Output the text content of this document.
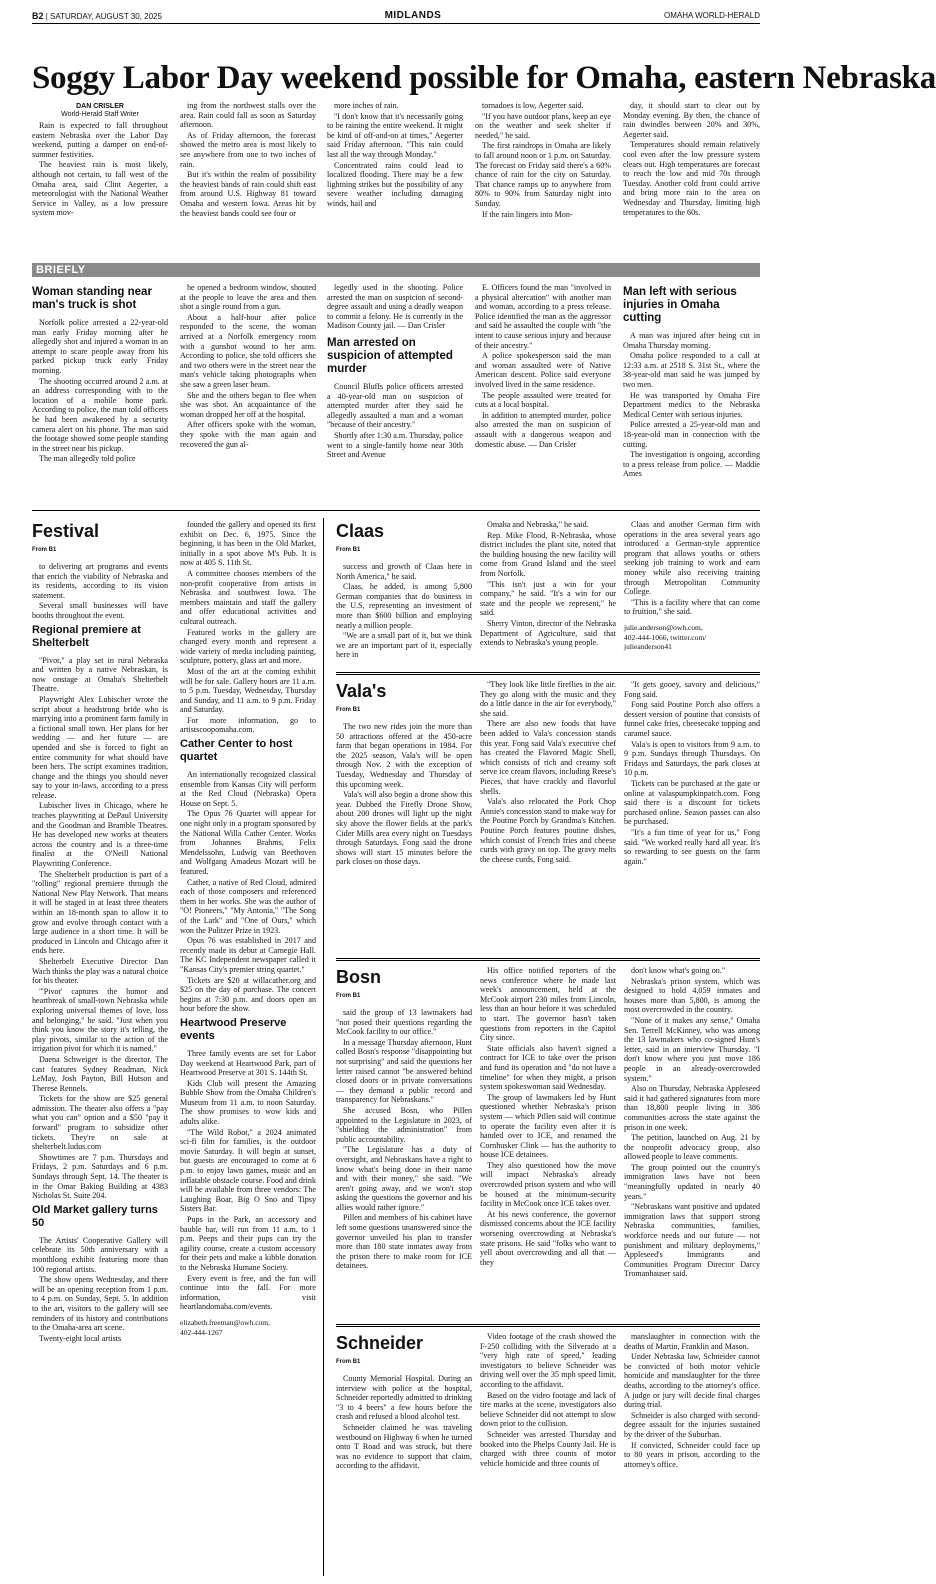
B2 | SATURDAY, AUGUST 30, 2025	MIDLANDS	OMAHA WORLD-HERALD
Soggy Labor Day weekend possible for Omaha, eastern Nebraska
DAN CRISLER
World-Herald Staff Writer

Rain is expected to fall throughout eastern Nebraska over the Labor Day weekend, putting a damper on end-of-summer festivities.

The heaviest rain is most likely, although not certain, to fall west of the Omaha area, said Clint Aegerter, a meteorologist with the National Weather Service in Valley, as a low pressure system mov-

ing from the northwest stalls over the area. Rain could fall as soon as Saturday afternoon.

As of Friday afternoon, the forecast showed the metro area is most likely to see anywhere from one to two inches of rain.

But it's within the realm of possibility the heaviest bands of rain could shift east from around U.S. Highway 81 toward Omaha and western Iowa. Areas hit by the heaviest bands could see four or

more inches of rain.

"I don't know that it's necessarily going to be raining the entire weekend. It might be kind of off-and-on at times," Aegerter said Friday afternoon. "This rain could last all the way through Monday."

Concentrated rains could lead to localized flooding. There may be a few lightning strikes but the possibility of any severe weather including damaging winds, hail and

tornadoes is low, Aegerter said.

"If you have outdoor plans, keep an eye on the weather and seek shelter if needed," he said.

The first raindrops in Omaha are likely to fall around noon or 1 p.m. on Saturday. The forecast on Friday said there's a 60% chance of rain for the city on Saturday. That chance ramps up to anywhere from 80% to 90% from Saturday night into Sunday.

If the rain lingers into Mon-

day, it should start to clear out by Monday evening. By then, the chance of rain dwindles between 20% and 30%, Aegerter said.

Temperatures should remain relatively cool even after the low pressure system clears out. High temperatures are forecast to reach the low and mid 70s through Tuesday. Another cold front could arrive and bring more rain to the area on Wednesday and Thursday, limiting high temperatures to the 60s.

BRIEFLY
Woman standing near man's truck is shot

Norfolk police arrested a 22-year-old man early Friday morning after he allegedly shot and injured a woman in an attempt to scare people away from his parked pickup truck early Friday morning.

The shooting occurred around 2 a.m. at an address corresponding with to the location of a mobile home park. According to police, the man told officers he had been awakened by a security camera alert on his phone. The man said the footage showed some people standing in the street near his pickup.

The man allegedly told police

he opened a bedroom window, shouted at the people to leave the area and then shot a single round from a gun.

About a half-hour after police responded to the scene, the woman arrived at a Norfolk emergency room with a gunshot wound to her arm. According to police, she told officers she and two others were in the street near the man's vehicle taking photographs when she saw a green laser beam.

She and the others began to flee when she was shot. An acquaintance of the woman dropped her off at the hospital.

After officers spoke with the woman, they spoke with the man again and recovered the gun al-

legedly used in the shooting. Police arrested the man on suspicion of second-degree assault and using a deadly weapon to commit a felony. He is currently in the Madison County jail. — Dan Crisler

Man arrested on suspicion of attempted murder

Council Bluffs police officers arrested a 40-year-old man on suspicion of attempted murder after they said he allegedly assaulted a man and a woman "because of their ancestry."

Shortly after 1:30 a.m. Thursday, police went to a single-family home near 30th Street and Avenue

E. Officers found the man "involved in a physical altercation" with another man and woman, according to a press release. Police identified the man as the aggressor and said he assaulted the couple with "the intent to cause serious injury and because of their ancestry."

A police spokesperson said the man and woman assaulted were of Native American descent. Police said everyone involved lived in the same residence.

The people assaulted were treated for cuts at a local hospital.

In addition to attempted murder, police also arrested the man on suspicion of assault with a dangerous weapon and domestic abuse. — Dan Crisler

Man left with serious injuries in Omaha cutting

A man was injured after being cut in Omaha Thursday morning.

Omaha police responded to a call at 12:33 a.m. at 2518 S. 31st St., where the 38-year-old man said he was jumped by two men.

He was transported by Omaha Fire Department medics to the Nebraska Medical Center with serious injuries.

Police arrested a 25-year-old man and 18-year-old man in connection with the cutting.

The investigation is ongoing, according to a press release from police. — Maddie Ames

Festival
From B1

to delivering art programs and events that enrich the viability of Nebraska and its residents, according to its vision statement.

Several small businesses will have booths throughout the event.

Regional premiere at Shelterbelt

"Pivot," a play set in rural Nebraska and written by a native Nebraskan, is now onstage at Omaha's Shelterbelt Theatre.

Playwright Alex Lubischer wrote the script about a headstrong bride who is marrying into a prominent farm family in a fictional small town. Her plans for her wedding — and her future — are upended and she is forced to fight an entire community for what should have been hers. The script examines tradition, change and the things you should never say to your in-laws, according to a press release.

Lubischer lives in Chicago, where he teaches playwriting at DePaul University and the Goodman and Bramble Theatres. He has developed new works at theaters across the country and is a three-time finalist at the O'Neill National Playwriting Conference.

The Shelterbelt production is part of a "rolling" regional premiere through the National New Play Network. That means it will be staged in at least three theaters within an 18-month span to allow it to grow and evolve through contact with a large audience in a short time. It will be produced in Lincoln and Chicago after it ends here.

Shelterbelt Executive Director Dan Wach thinks the play was a natural choice for his theater.

"'Pivot' captures the humor and heartbreak of small-town Nebraska while exploring universal themes of love, loss and belonging," he said. "Just when you think you know the story it's telling, the play pivots, similar to the action of the irrigation pivot for which it is named."

Daena Schweiger is the director. The cast features Sydney Readman, Nick LeMay, Josh Payton, Bill Hutson and Therese Rennels.

Tickets for the show are $25 general admission. The theater also offers a "pay what you can" option and a $50 "pay it forward" program to subsidize other tickets. They're on sale at shelterbelt.ludus.com

Showtimes are 7 p.m. Thursdays and Fridays, 2 p.m. Saturdays and 6 p.m. Sundays through Sept. 14. The theater is in the Omar Baking Building at 4383 Nicholas St. Suite 204.

Old Market gallery turns 50

The Artists' Cooperative Gallery will celebrate its 50th anniversary with a monthlong exhibit featuring more than 100 regional artists.

The show opens Wednesday, and there will be an opening reception from 1 p.m. to 4 p.m. on Sunday, Sept. 5. In addition to the art, visitors to the gallery will see reminders of its history and contributions to the Omaha-area art scene.

Twenty-eight local artists

founded the gallery and opened its first exhibit on Dec. 6, 1975. Since the beginning, it has been in the Old Market, initially in a spot above M's Pub. It is now at 405 S. 11th St.

A committee chooses members of the non-profit cooperative from artists in Nebraska and southwest Iowa. The members maintain and staff the gallery and offer educational activities and cultural outreach.

Featured works in the gallery are changed every month and represent a wide variety of media including painting, sculpture, pottery, glass art and more.

Most of the art at the coming exhibit will be for sale. Gallery hours are 11 a.m. to 5 p.m. Tuesday, Wednesday, Thursday and Sunday, and 11 a.m. to 9 p.m. Friday and Saturday.

For more information, go to artistscoopomaha.com.

Cather Center to host quartet

An internationally recognized classical ensemble from Kansas City will perform at the Red Cloud (Nebraska) Opera House on Sept. 5.

The Opus 76 Quartet will appear for one night only in a program sponsored by the National Willa Cather Center. Works from Johannes Brahms, Felix Mendelssohn, Ludwig van Beethoven and Wolfgang Amadeus Mozart will be featured.

Cather, a native of Red Cloud, admired each of those composers and referenced them in her works. She was the author of "O! Pioneers," "My Antonia," "The Song of the Lark" and "One of Ours," which won the Pulitzer Prize in 1923.

Opus 76 was established in 2017 and recently made its debut at Carnegie Hall. The KC Independent newspaper called it "Kansas City's premier string quartet."

Tickets are $20 at willacather.org and $25 on the day of purchase. The concert begins at 7:30 p.m. and doors open an hour before the show.

Heartwood Preserve events

Three family events are set for Labor Day weekend at Heartwood Park, part of Heartwood Preserve at 301 S. 144th St.

Kids Club will present the Amazing Bubble Show from the Omaha Children's Museum from 11 a.m. to noon Saturday. The show promises to wow kids and adults alike.

"The Wild Robot," a 2024 animated sci-fi film for families, is the outdoor movie Saturday. It will begin at sunset, but guests are encouraged to come at 6 p.m. to enjoy lawn games, music and an inflatable obstacle course. Food and drink will be available from three vendors: The Laughing Boar, Big O Sno and Tipsy Sisters Bar.

Pups in the Park, an accessory and bauble bar, will run from 11 a.m. to 1 p.m. Peeps and their pups can try the agility course, create a custom accessory for their pets and make a kibble donation to the Nebraska Humane Society.

Every event is free, and the fun will continue into the fall. For more information, visit heartlandomaha.com/events.

elizabeth.freeman@owh.com,
402-444-1267
Claas
From B1

success and growth of Claas here in North America," he said.

Claas, he added, is among 5,800 German companies that do business in the U.S, representing an investment of more than $600 billion and employing nearly a million people.

"We are a small part of it, but we think we are an important part of it, especially here in

Omaha and Nebraska," he said.

Rep. Mike Flood, R-Nebraska, whose district includes the plant site, noted that the building housing the new facility will come from Grand Island and the steel from Norfolk.

"This isn't just a win for your company," he said. "It's a win for our state and the people we represent," he said.

Sherry Vinton, director of the Nebraska Department of Agriculture, said that extends to Nebraska's young people.

Claas and another German firm with operations in the area several years ago introduced a German-style apprentice program that allows youths or others seeking job training to work and earn money while also receiving training through Metropolitan Community College.

"This is a facility where that can come to fruition," she said.

julie.anderson@owh.com,
402-444-1066, twitter.com/
julieanderson41
Vala's
From B1

The two new rides join the more than 50 attractions offered at the 450-acre farm that began operations in 1984. For the 2025 season, Vala's will be open through Nov. 2 with the exception of Tuesday, Wednesday and Thursday of this upcoming week.

Vala's will also begin a drone show this year. Dubbed the Firefly Drone Show, about 200 drones will light up the night sky above the flower fields at the park's Cider Mills area every night on Tuesdays through Saturdays. Fong said the drone shows will start 15 minutes before the park closes on those days.

"They look like little fireflies in the air. They go along with the music and they do a little dance in the air for everybody," she said.

There are also new foods that have been added to Vala's concession stands this year. Fong said Vala's executive chef has created the Flavored Magic Shell, which consists of rich and creamy soft serve ice cream flavors, including Reese's Pieces, that have crackly and flavorful shells.

Vala's also relocated the Pork Chop Annie's concession stand to make way for the Poutine Porch by Grandma's Kitchen. Poutine Porch features poutine dishes, which consist of French fries and cheese curds with gravy on top. The gravy melts the cheese curds, Fong said.

"It gets gooey, savory and delicious," Fong said.

Fong said Poutine Porch also offers a dessert version of poutine that consists of funnel cake fries, cheesecake topping and caramel sauce.

Vala's is open to visitors from 9 a.m. to 9 p.m. Sundays through Thursdays. On Fridays and Saturdays, the park closes at 10 p.m.

Tickets can be purchased at the gate or online at valaspumpkinpatch.com. Fong said there is a discount for tickets purchased online. Season passes can also be purchased.

"It's a fun time of year for us," Fong said. "We worked really hard all year. It's so rewarding to see guests on the farm again."

Bosn
From B1

said the group of 13 lawmakers had "not posed their questions regarding the McCook facility to our office."

In a message Thursday afternoon, Hunt called Bosn's response "disappointing but not surprising" and said the questions her letter raised cannot "be answered behind closed doors or in private conversations — they demand a public record and transparency for Nebraskans."

She accused Bosn, who Pillen appointed to the Legislature in 2023, of "shielding the administration" from public accountability.

"The Legislature has a duty of oversight, and Nebraskans have a right to know what's being done in their name and with their money," she said. "We aren't going away, and we won't stop asking the questions the governor and his allies would rather ignore."

Pillen and members of his cabinet have left some questions unanswered since the governor unveiled his plan to transfer more than 180 state inmates away from the prison there to make room for ICE detainees.

His office notified reporters of the news conference where he made last week's announcement, held at the McCook airport 230 miles from Lincoln, less than an hour before it was scheduled to start. The governor hasn't taken questions from reporters in the Capitol City since.

State officials also haven't signed a contract for ICE to take over the prison and fund its operation and "do not have a timeline" for when they might, a prison system spokeswoman said Wednesday.

The group of lawmakers led by Hunt questioned whether Nebraska's prison system — which Pillen said will continue to operate the facility even after it is handed over to ICE, and renamed the Cornhusker Clink — has the authority to house ICE detainees.

They also questioned how the move will impact Nebraska's already overcrowded prison system and who will be housed at the minimum-security facility in McCook once ICE takes over.

At his news conference, the governor dismissed concerns about the ICE facility worsening overcrowding at Nebraska's state prisons. He said "folks who want to yell about overcrowding and all that — they

don't know what's going on."

Nebraska's prison system, which was designed to hold 4,059 inmates and houses more than 5,800, is among the most overcrowded in the country.

"None of it makes any sense," Omaha Sen. Terrell McKinney, who was among the 13 lawmakers who co-signed Hunt's letter, said in an interview Thursday. "I don't know where you just move 186 people in an already-overcrowded system."

Also on Thursday, Nebraska Appleseed said it had gathered signatures from more than 18,800 people living in 386 communities across the state against the prison in one week.

The petition, launched on Aug. 21 by the nonprofit advocacy group, also allowed people to leave comments.

The group pointed out the country's immigration laws have not been "meaningfully updated in nearly 40 years."

"Nebraskans want positive and updated immigration laws that support strong Nebraska communities, families, workforce needs and our future — not punishment and military deployments," Appleseed's Immigrants and Communities Program Director Darcy Tromanhauser said.

Schneider
From B1

County Memorial Hospital. During an interview with police at the hospital, Schneider reportedly admitted to drinking "3 to 4 beers" a few hours before the crash and refused a blood alcohol test.

Schneider claimed he was traveling westbound on Highway 6 when he turned onto T Road and was struck, but there was no evidence to support that claim, according to the affidavit.

Video footage of the crash showed the F-250 colliding with the Silverado at a "very high rate of speed," leading investigators to believe Schneider was driving well over the 35 mph speed limit, according to the affidavit.

Based on the video footage and lack of tire marks at the scene, investigators also believe Schneider did not attempt to slow down prior to the collision.

Schneider was arrested Thursday and booked into the Phelps County Jail. He is charged with three counts of motor vehicle homicide and three counts of

manslaughter in connection with the deaths of Martin, Franklin and Mason.

Under Nebraska law, Schneider cannot be convicted of both motor vehicle homicide and manslaughter for the three deaths, according to the attorney's office. A judge or jury will decide final charges during trial.

Schneider is also charged with second-degree assault for the injuries sustained by the driver of the Suburban.

If convicted, Schneider could face up to 80 years in prison, according to the attorney's office.
